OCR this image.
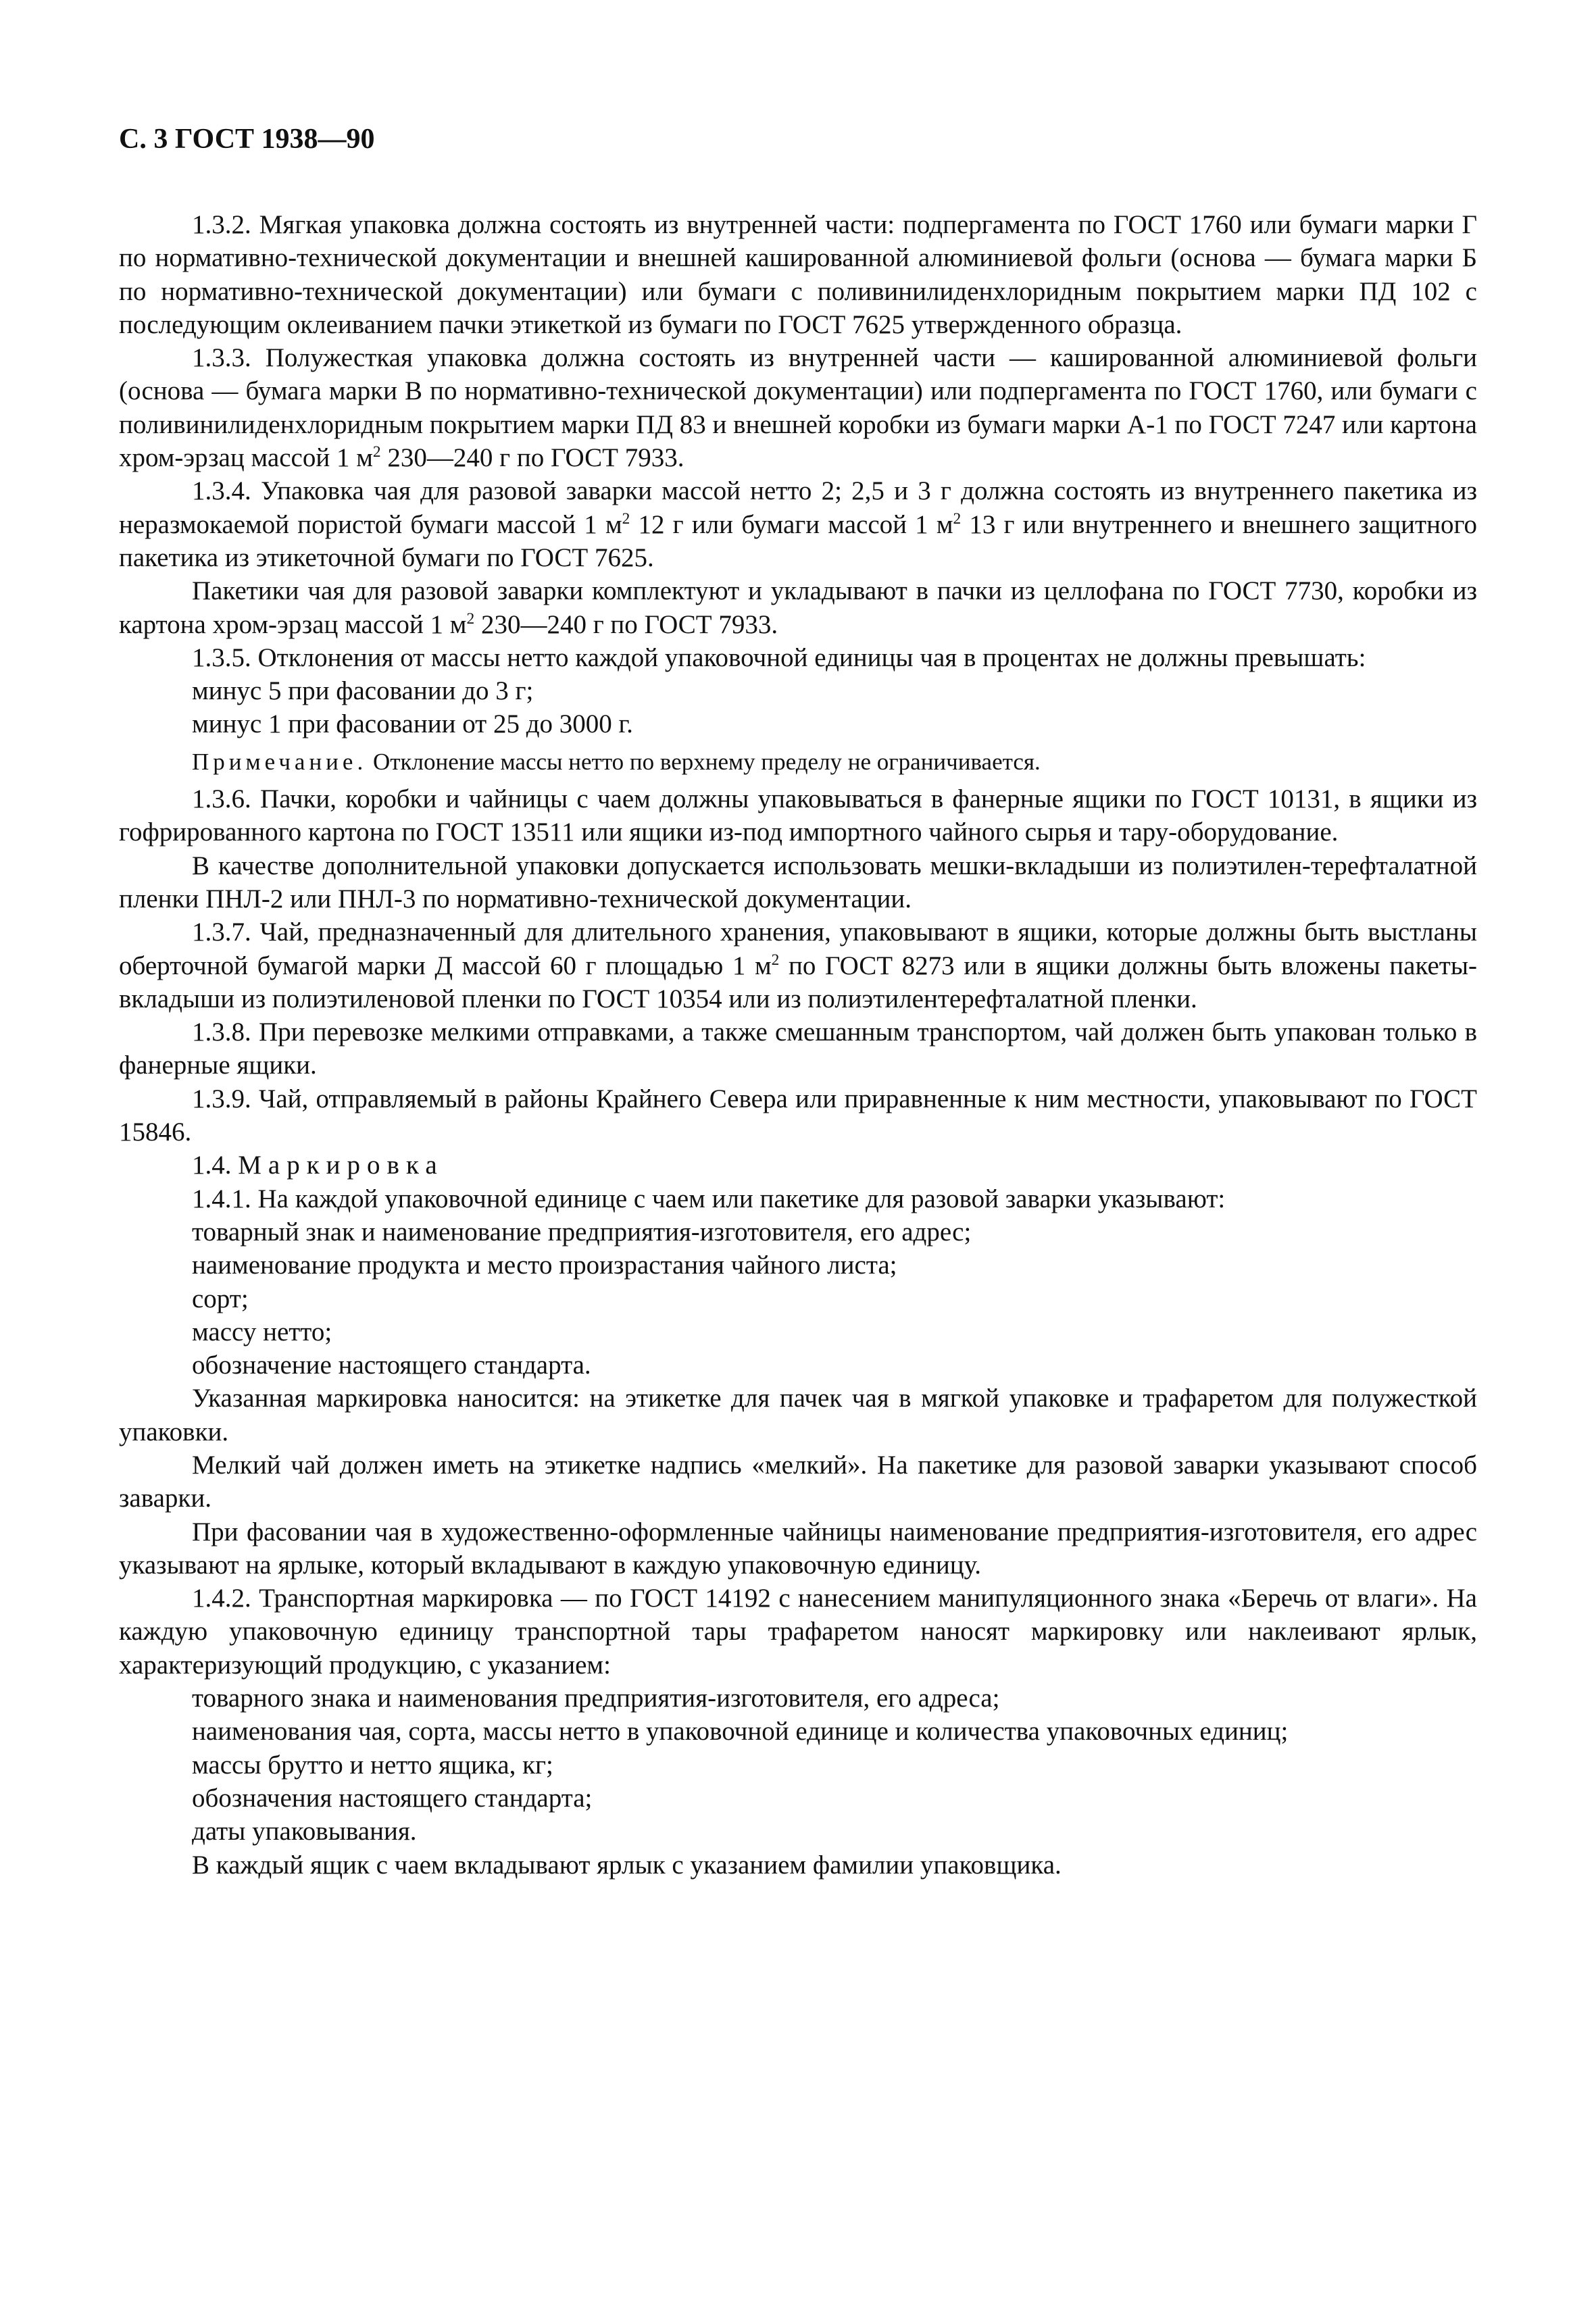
С. 3 ГОСТ 1938—90

1.3.2. Мягкая упаковка должна состоять из внутренней части: подпергамента по ГОСТ 1760 или бумаги марки Г по нормативно-технической документации и внешней кашированной алюминиевой фольги (основа — бумага марки Б по нормативно-технической документации) или бумаги с поливинилиденхлоридным покрытием марки ПД 102 с последующим оклеиванием пачки этикеткой из бумаги по ГОСТ 7625 утвержденного образца.

1.3.3. Полужесткая упаковка должна состоять из внутренней части — кашированной алюминиевой фольги (основа — бумага марки В по нормативно-технической документации) или подпергамента по ГОСТ 1760, или бумаги с поливинилиденхлоридным покрытием марки ПД 83 и внешней коробки из бумаги марки А-1 по ГОСТ 7247 или картона хром-эрзац массой 1 $м^2$ 230—240 г по ГОСТ 7933.

1.3.4. Упаковка чая для разовой заварки массой нетто 2; 2,5 и 3 г должна состоять из внутреннего пакетика из неразмокаемой пористой бумаги массой 1 $м^2$ 12 г или бумаги массой 1 $м^2$ 13 г или внутреннего и внешнего защитного пакетика из этикеточной бумаги по ГОСТ 7625.

Пакетики чая для разовой заварки комплектуют и укладывают в пачки из целлофана по ГОСТ 7730, коробки из картона хром-эрзац массой 1 $м^2$ 230—240 г по ГОСТ 7933.

1.3.5. Отклонения от массы нетто каждой упаковочной единицы чая в процентах не должны превышать:

минус 5 при фасовании до 3 г;

минус 1 при фасовании от 25 до 3000 г.

Примечание. Отклонение массы нетто по верхнему пределу не ограничивается.

1.3.6. Пачки, коробки и чайницы с чаем должны упаковываться в фанерные ящики по ГОСТ 10131, в ящики из гофрированного картона по ГОСТ 13511 или ящики из-под импортного чайного сырья и тару-оборудование.

В качестве дополнительной упаковки допускается использовать мешки-вкладыши из полиэтилен-терефталатной пленки ПНЛ-2 или ПНЛ-3 по нормативно-технической документации.

1.3.7. Чай, предназначенный для длительного хранения, упаковывают в ящики, которые должны быть выстланы оберточной бумагой марки Д массой 60 г площадью 1 $м^2$ по ГОСТ 8273 или в ящики должны быть вложены пакеты-вкладыши из полиэтиленовой пленки по ГОСТ 10354 или из полиэтилентерефталатной пленки.

1.3.8. При перевозке мелкими отправками, а также смешанным транспортом, чай должен быть упакован только в фанерные ящики.

1.3.9. Чай, отправляемый в районы Крайнего Севера или приравненные к ним местности, упаковывают по ГОСТ 15846.

1.4. Маркировка

1.4.1. На каждой упаковочной единице с чаем или пакетике для разовой заварки указывают:

товарный знак и наименование предприятия-изготовителя, его адрес;

наименование продукта и место произрастания чайного листа;

сорт;

массу нетто;

обозначение настоящего стандарта.

Указанная маркировка наносится: на этикетке для пачек чая в мягкой упаковке и трафаретом для полужесткой упаковки.

Мелкий чай должен иметь на этикетке надпись «мелкий». На пакетике для разовой заварки указывают способ заварки.

При фасовании чая в художественно-оформленные чайницы наименование предприятия-изготовителя, его адрес указывают на ярлыке, который вкладывают в каждую упаковочную единицу.

1.4.2. Транспортная маркировка — по ГОСТ 14192 с нанесением манипуляционного знака «Беречь от влаги». На каждую упаковочную единицу транспортной тары трафаретом наносят маркировку или наклеивают ярлык, характеризующий продукцию, с указанием:

товарного знака и наименования предприятия-изготовителя, его адреса;

наименования чая, сорта, массы нетто в упаковочной единице и количества упаковочных единиц;

массы брутто и нетто ящика, кг;

обозначения настоящего стандарта;

даты упаковывания.

В каждый ящик с чаем вкладывают ярлык с указанием фамилии упаковщика.
